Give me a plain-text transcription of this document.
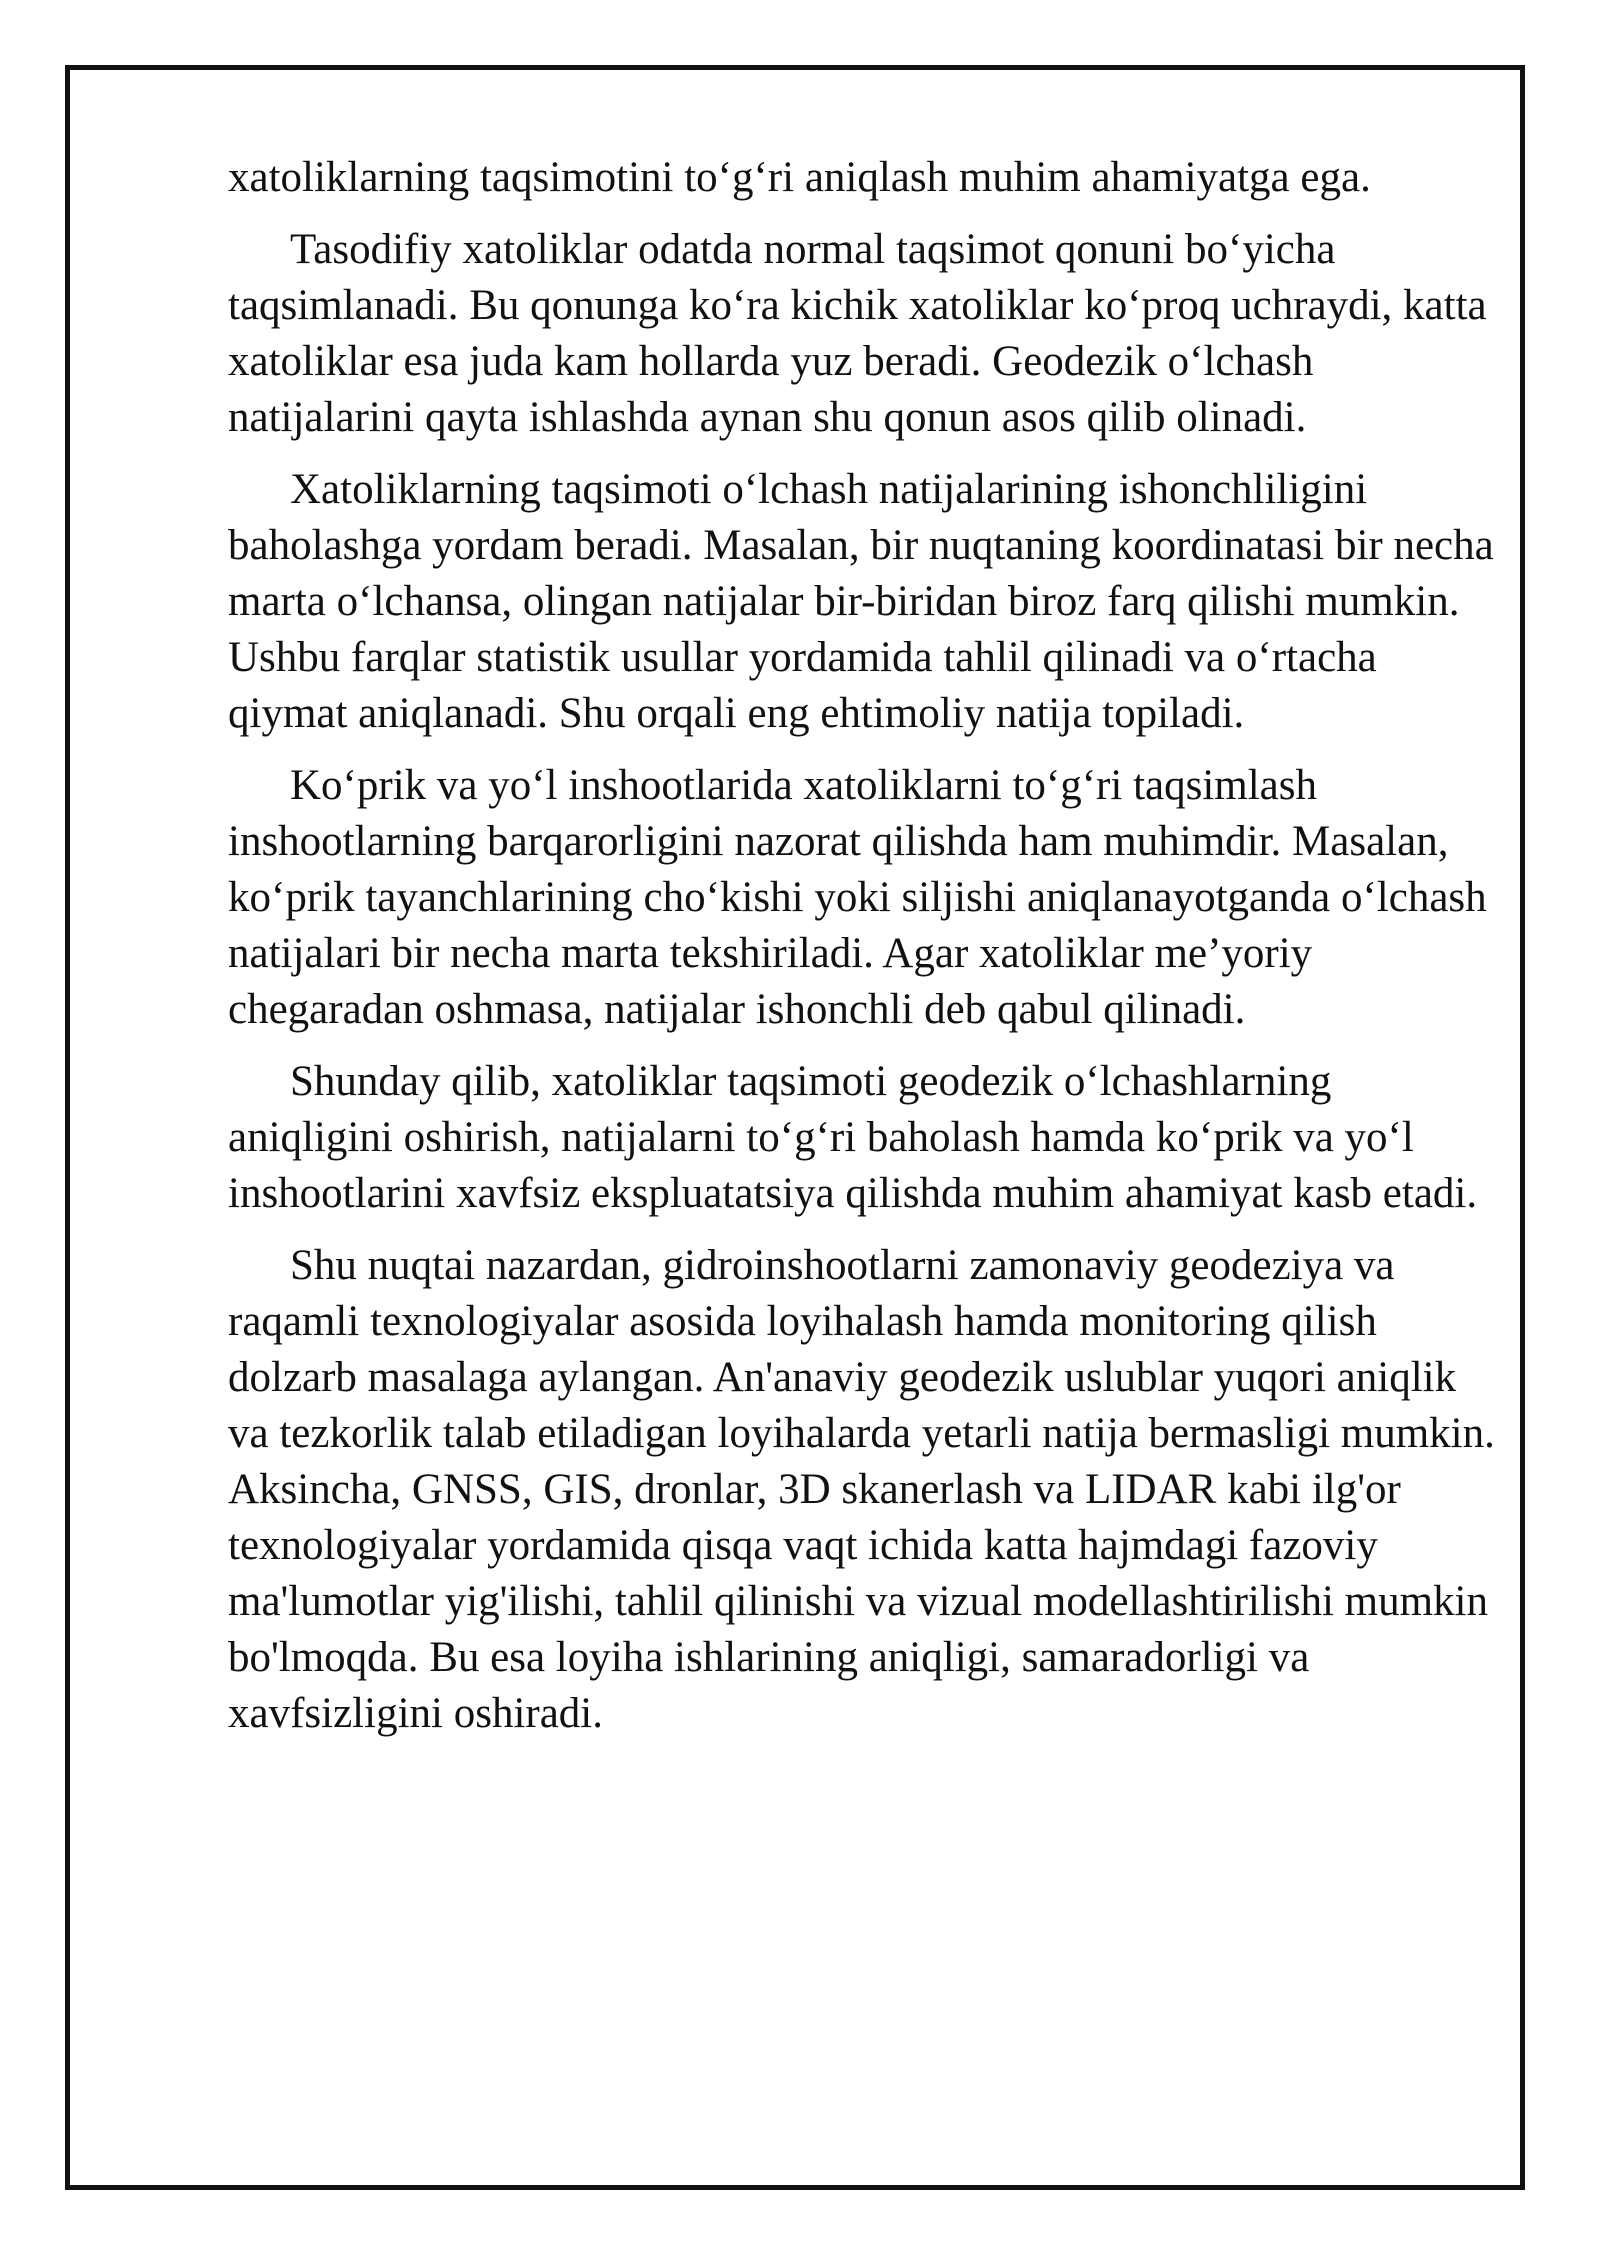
xatoliklarning taqsimotini to‘g‘ri aniqlash muhim ahamiyatga ega.

Tasodifiy xatoliklar odatda normal taqsimot qonuni bo‘yicha taqsimlanadi. Bu qonunga ko‘ra kichik xatoliklar ko‘proq uchraydi, katta xatoliklar esa juda kam hollarda yuz beradi. Geodezik o‘lchash natijalarini qayta ishlashda aynan shu qonun asos qilib olinadi.

Xatoliklarning taqsimoti o‘lchash natijalarining ishonchliligini baholashga yordam beradi. Masalan, bir nuqtaning koordinatasi bir necha marta o‘lchansa, olingan natijalar bir-biridan biroz farq qilishi mumkin. Ushbu farqlar statistik usullar yordamida tahlil qilinadi va o‘rtacha qiymat aniqlanadi. Shu orqali eng ehtimoliy natija topiladi.

Ko‘prik va yo‘l inshootlarida xatoliklarni to‘g‘ri taqsimlash inshootlarning barqarorligini nazorat qilishda ham muhimdir. Masalan, ko‘prik tayanchlarining cho‘kishi yoki siljishi aniqlanayotganda o‘lchash natijalari bir necha marta tekshiriladi. Agar xatoliklar me’yoriy chegaradan oshmasa, natijalar ishonchli deb qabul qilinadi.

Shunday qilib, xatoliklar taqsimoti geodezik o‘lchashlarning aniqligini oshirish, natijalarni to‘g‘ri baholash hamda ko‘prik va yo‘l inshootlarini xavfsiz ekspluatatsiya qilishda muhim ahamiyat kasb etadi.

Shu nuqtai nazardan, gidroinshootlarni zamonaviy geodeziya va raqamli texnologiyalar asosida loyihalash hamda monitoring qilish dolzarb masalaga aylangan. An'anaviy geodezik uslublar yuqori aniqlik va tezkorlik talab etiladigan loyihalarda yetarli natija bermasligi mumkin. Aksincha, GNSS, GIS, dronlar, 3D skanerlash va LIDAR kabi ilg'or texnologiyalar yordamida qisqa vaqt ichida katta hajmdagi fazoviy ma'lumotlar yig'ilishi, tahlil qilinishi va vizual modellashtirilishi mumkin bo'lmoqda. Bu esa loyiha ishlarining aniqligi, samaradorligi va xavfsizligini oshiradi.
